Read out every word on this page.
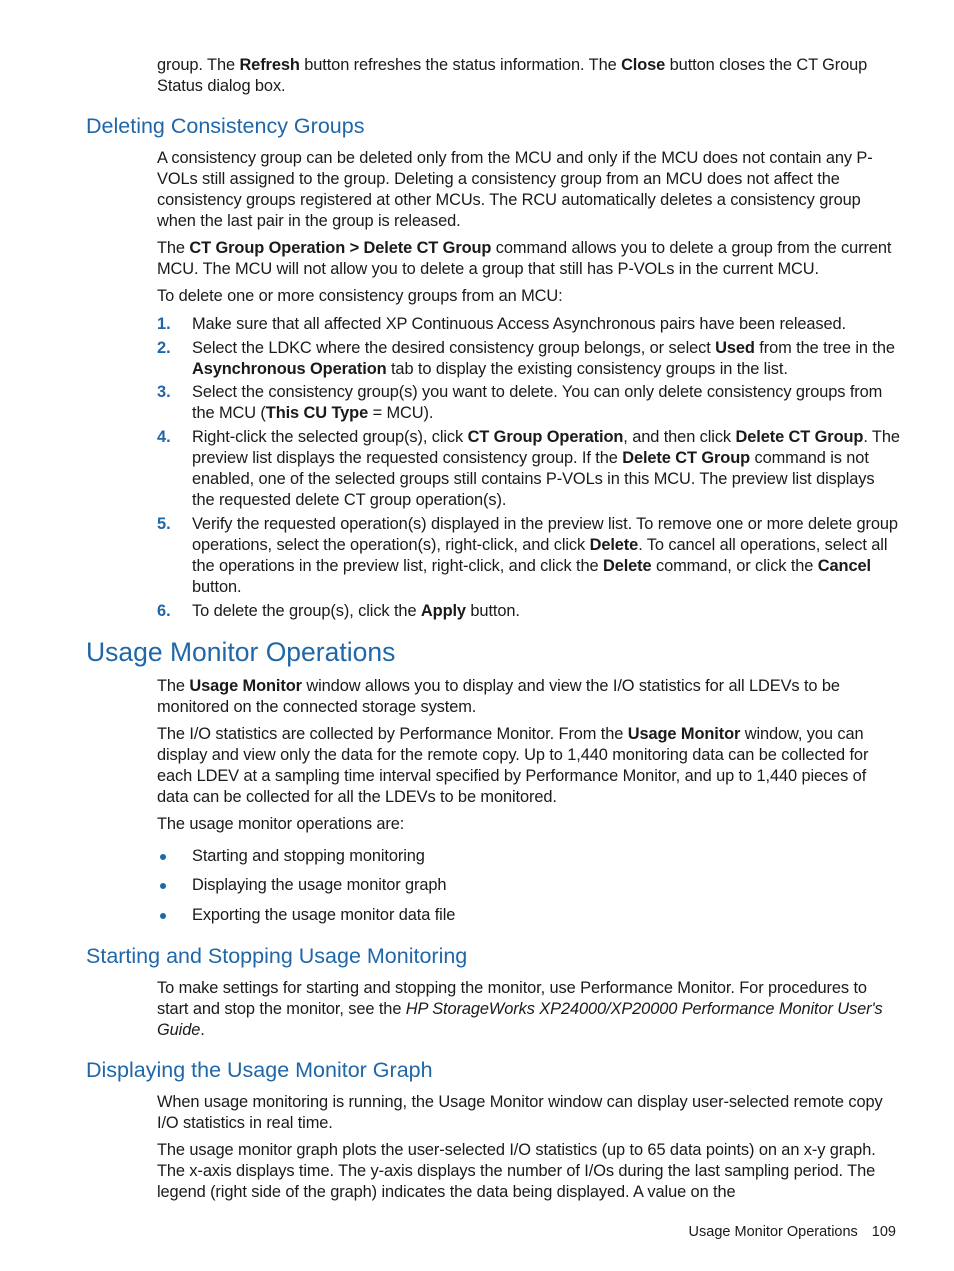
group. The Refresh button refreshes the status information. The Close button closes the CT Group Status dialog box.

Deleting Consistency Groups

A consistency group can be deleted only from the MCU and only if the MCU does not contain any P-VOLs still assigned to the group. Deleting a consistency group from an MCU does not affect the consistency groups registered at other MCUs. The RCU automatically deletes a consistency group when the last pair in the group is released.

The CT Group Operation > Delete CT Group command allows you to delete a group from the current MCU. The MCU will not allow you to delete a group that still has P-VOLs in the current MCU.

To delete one or more consistency groups from an MCU:

1. Make sure that all affected XP Continuous Access Asynchronous pairs have been released.

2. Select the LDKC where the desired consistency group belongs, or select Used from the tree in the Asynchronous Operation tab to display the existing consistency groups in the list.

3. Select the consistency group(s) you want to delete. You can only delete consistency groups from the MCU (This CU Type = MCU).

4. Right-click the selected group(s), click CT Group Operation, and then click Delete CT Group. The preview list displays the requested consistency group. If the Delete CT Group command is not enabled, one of the selected groups still contains P-VOLs in this MCU. The preview list displays the requested delete CT group operation(s).

5. Verify the requested operation(s) displayed in the preview list. To remove one or more delete group operations, select the operation(s), right-click, and click Delete. To cancel all operations, select all the operations in the preview list, right-click, and click the Delete command, or click the Cancel button.

6. To delete the group(s), click the Apply button.

Usage Monitor Operations

The Usage Monitor window allows you to display and view the I/O statistics for all LDEVs to be monitored on the connected storage system.

The I/O statistics are collected by Performance Monitor. From the Usage Monitor window, you can display and view only the data for the remote copy. Up to 1,440 monitoring data can be collected for each LDEV at a sampling time interval specified by Performance Monitor, and up to 1,440 pieces of data can be collected for all the LDEVs to be monitored.

The usage monitor operations are:

Starting and stopping monitoring

Displaying the usage monitor graph

Exporting the usage monitor data file

Starting and Stopping Usage Monitoring

To make settings for starting and stopping the monitor, use Performance Monitor. For procedures to start and stop the monitor, see the HP StorageWorks XP24000/XP20000 Performance Monitor User's Guide.

Displaying the Usage Monitor Graph

When usage monitoring is running, the Usage Monitor window can display user-selected remote copy I/O statistics in real time.

The usage monitor graph plots the user-selected I/O statistics (up to 65 data points) on an x-y graph. The x-axis displays time. The y-axis displays the number of I/Os during the last sampling period. The legend (right side of the graph) indicates the data being displayed. A value on the

Usage Monitor Operations 109
